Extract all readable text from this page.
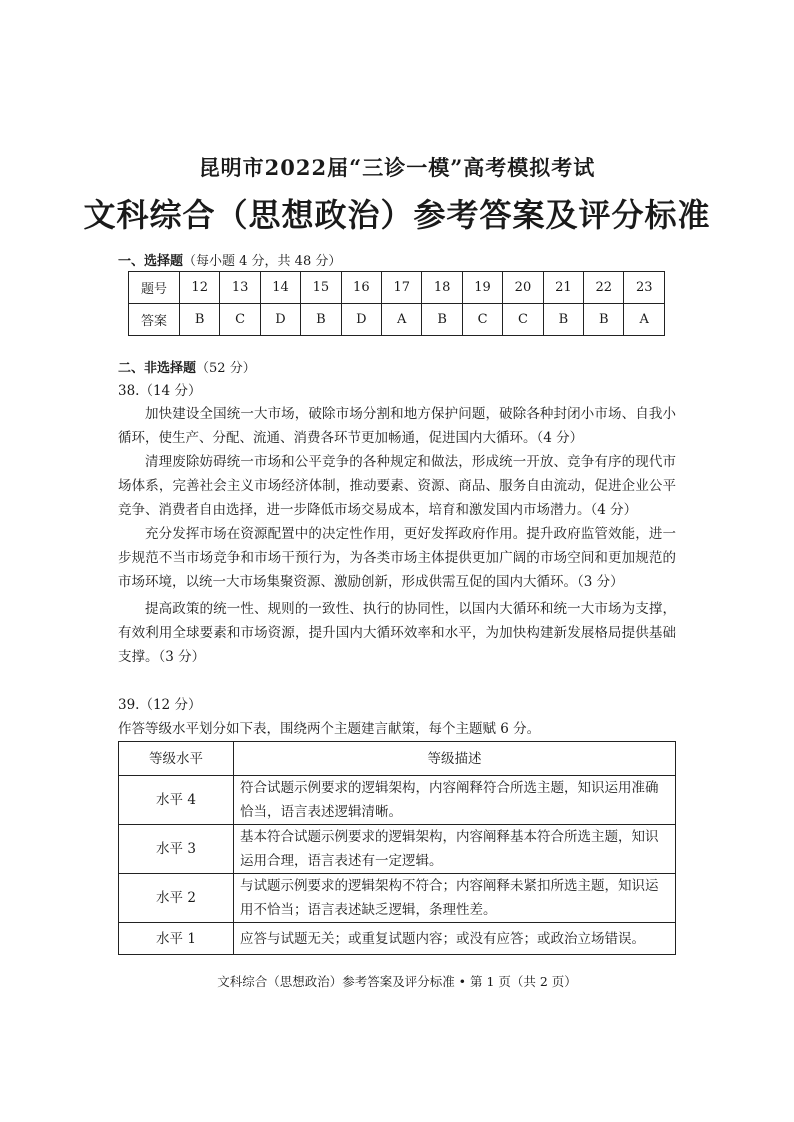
昆明市2022届“三诊一模”高考模拟考试
文科综合（思想政治）参考答案及评分标准
一、选择题（每小题 4 分，共 48 分）
题号	12	13	14	15	16	17	18	19	20	21	22	23
答案	B	C	D	B	D	A	B	C	C	B	B	A
二、非选择题（52 分）
38.（14 分）

加快建设全国统一大市场，破除市场分割和地方保护问题，破除各种封闭小市场、自我小循环，使生产、分配、流通、消费各环节更加畅通，促进国内大循环。（4 分）

清理废除妨碍统一市场和公平竞争的各种规定和做法，形成统一开放、竞争有序的现代市场体系，完善社会主义市场经济体制，推动要素、资源、商品、服务自由流动，促进企业公平竞争、消费者自由选择，进一步降低市场交易成本，培育和激发国内市场潜力。（4 分）

充分发挥市场在资源配置中的决定性作用，更好发挥政府作用。提升政府监管效能，进一步规范不当市场竞争和市场干预行为，为各类市场主体提供更加广阔的市场空间和更加规范的市场环境，以统一大市场集聚资源、激励创新，形成供需互促的国内大循环。（3 分）

提高政策的统一性、规则的一致性、执行的协同性，以国内大循环和统一大市场为支撑，有效利用全球要素和市场资源，提升国内大循环效率和水平，为加快构建新发展格局提供基础支撑。（3 分）

39.（12 分）
作答等级水平划分如下表，围绕两个主题建言献策，每个主题赋 6 分。
等级水平	等级描述
水平 4	符合试题示例要求的逻辑架构，内容阐释符合所选主题，知识运用准确恰当，语言表述逻辑清晰。
水平 3	基本符合试题示例要求的逻辑架构，内容阐释基本符合所选主题，知识运用合理，语言表述有一定逻辑。
水平 2	与试题示例要求的逻辑架构不符合；内容阐释未紧扣所选主题，知识运用不恰当；语言表述缺乏逻辑，条理性差。
水平 1	应答与试题无关；或重复试题内容；或没有应答；或政治立场错误。
文科综合（思想政治）参考答案及评分标准 • 第 1 页（共 2 页）
